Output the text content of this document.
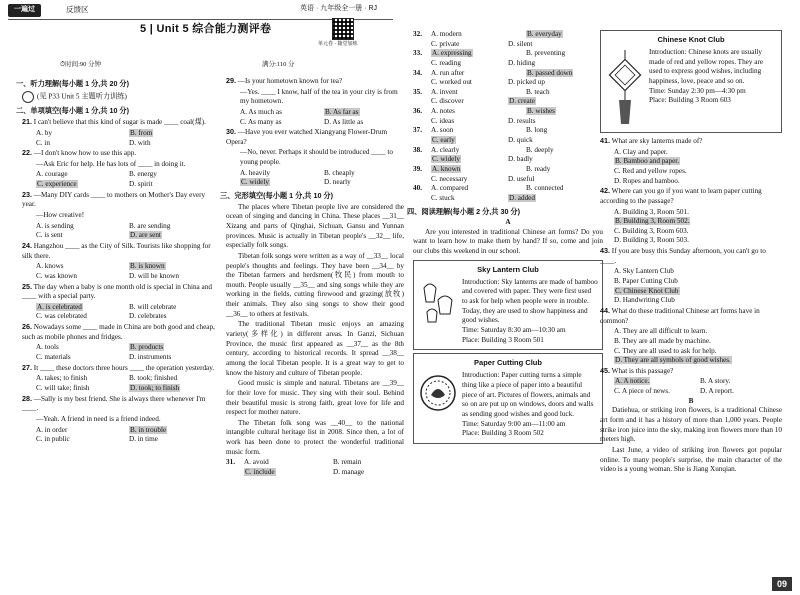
一遍过	反馈区	英语 · 九年级全一册 · RJ
5 | Unit 5 综合能力测评卷
单元卷 · 随堂加练
⏱时间:90 分钟	满分:110 分
一、听力理解(每小题 1 分,共 20 分)
(见 P33 Unit 5 主题听力训练)
二、单项填空(每小题 1 分,共 10 分)
21. I can't believe that this kind of sugar is made ____ coal(煤).
A. by	B. from
C. in	D. with
22. —I don't know how to use this app.
—Ask Eric for help. He has lots of ____ in doing it.
A. courage	B. energy
C. experience	D. spirit
23. —Many DIY cards ____ to mothers on Mother's Day every year.
—How creative!
A. is sending	B. are sending
C. is sent	D. are sent
24. Hangzhou ____ as the City of Silk. Tourists like shopping for silk there.
A. knows	B. is known
C. was known	D. will be known
25. The day when a baby is one month old is special in China and ____ with a special party.
A. is celebrated	B. will celebrate
C. was celebrated	D. celebrates
26. Nowadays some ____ made in China are both good and cheap, such as mobile phones and fridges.
A. tools	B. products
C. materials	D. instruments
27. It ____ these doctors three hours ____ the operation yesterday.
A. takes; to finish	B. took; finished
C. will take; finish	D. took; to finish
28. —Sally is my best friend. She is always there whenever I'm ____.
—Yeah. A friend in need is a friend indeed.
A. in order	B. in trouble
C. in public	D. in time
29. —Is your hometown known for tea?
—Yes. ____ I know, half of the tea in your city is from my hometown.
A. As much as	B. As far as
C. As many as	D. As little as
30. —Have you ever watched Xiangyang Flower-Drum Opera?
—No, never. Perhaps it should be introduced ____ to young people.
A. heavily	B. cheaply
C. widely	D. nearly
三、完形填空(每小题 1 分,共 10 分)
The places where Tibetan people live are considered the ocean of singing and dancing in China. These places __31__ Xizang and parts of Qinghai, Sichuan, Gansu and Yunnan provinces. Music is actually in Tibetan people's __32__ life, especially folk songs.
Tibetan folk songs were written as a way of __33__ local people's thoughts and feelings. They have been __34__ by the Tibetan farmers and herdsmen(牧民) from mouth to mouth. People usually __35__ and sing songs while they are working in the fields, cutting firewood and grazing(放牧) their animals. They also sing songs to show their good __36__ to others at festivals.
The traditional Tibetan music enjoys an amazing variety(多样化) in different areas. In Ganzi, Sichuan Province, the music first appeared as __37__ as the 8th century, according to historical records. It spread __38__ among the local Tibetan people. It is a great way to get to know the history and culture of Tibetan people.
Good music is simple and natural. Tibetans are __39__ for their love for music. They sing with their soul. Behind their beautiful music is strong faith, great love for life and respect for mother nature.
The Tibetan folk song was __40__ to the national intangible cultural heritage list in 2008. Since then, a lot of work has been done to protect the wonderful traditional music form.
31.	A. avoid	B. remain
C. include	D. manage
32.	A. modern	B. everyday
C. private	D. silent
33.	A. expressing	B. preventing
C. reading	D. hiding
34.	A. run after	B. passed down
C. worked out	D. picked up
35.	A. invent	B. teach
C. discover	D. create
36.	A. notes	B. wishes
C. ideas	D. results
37.	A. soon	B. long
C. early	D. quick
38.	A. clearly	B. deeply
C. widely	D. badly
39.	A. known	B. ready
C. necessary	D. useful
40.	A. compared	B. connected
C. stuck	D. added
四、阅读理解(每小题 2 分,共 30 分)
A
Are you interested in traditional Chinese art forms? Do you want to learn how to make them by hand? If so, come and join our clubs this weekend in our school.
Sky Lantern Club
Introduction: Sky lanterns are made of bamboo and covered with paper. They were first used to ask for help when people were in trouble. Today, they are used to show happiness and good wishes.
Time: Saturday 8:30 am—10:30 am
Place: Building 3 Room 501
Paper Cutting Club
Introduction: Paper cutting turns a simple thing like a piece of paper into a beautiful piece of art. Pictures of flowers, animals and so on are put up on windows, doors and walls as sending good wishes and good luck.
Time: Saturday 9:00 am—11:00 am
Place: Building 3 Room 502
Chinese Knot Club
Introduction: Chinese knots are usually made of red and yellow ropes. They are used to express good wishes, including happiness, love, peace and so on.
Time: Sunday 2:30 pm—4:30 pm
Place: Building 3 Room 603
41. What are sky lanterns made of?
A. Clay and paper.
B. Bamboo and paper.
C. Red and yellow ropes.
D. Ropes and bamboo.
42. Where can you go if you want to learn paper cutting according to the passage?
A. Building 3, Room 501.
B. Building 3, Room 502.
C. Building 3, Room 603.
D. Building 3, Room 503.
43. If you are busy this Sunday afternoon, you can't go to ____.
A. Sky Lantern Club
B. Paper Cutting Club
C. Chinese Knot Club
D. Handwriting Club
44. What do these traditional Chinese art forms have in common?
A. They are all difficult to learn.
B. They are all made by machine.
C. They are all used to ask for help.
D. They are all symbols of good wishes.
45. What is this passage?
A. A notice.	B. A story.
C. A piece of news.	D. A report.
B
Datiehua, or striking iron flowers, is a traditional Chinese art form and it has a history of more than 1,000 years. People strike iron juice into the sky, making iron flowers more than 10 meters high.
Last June, a video of striking iron flowers got popular online. To many people's surprise, the main character of the video is a young woman. She is Jiang Xunqian.
09
